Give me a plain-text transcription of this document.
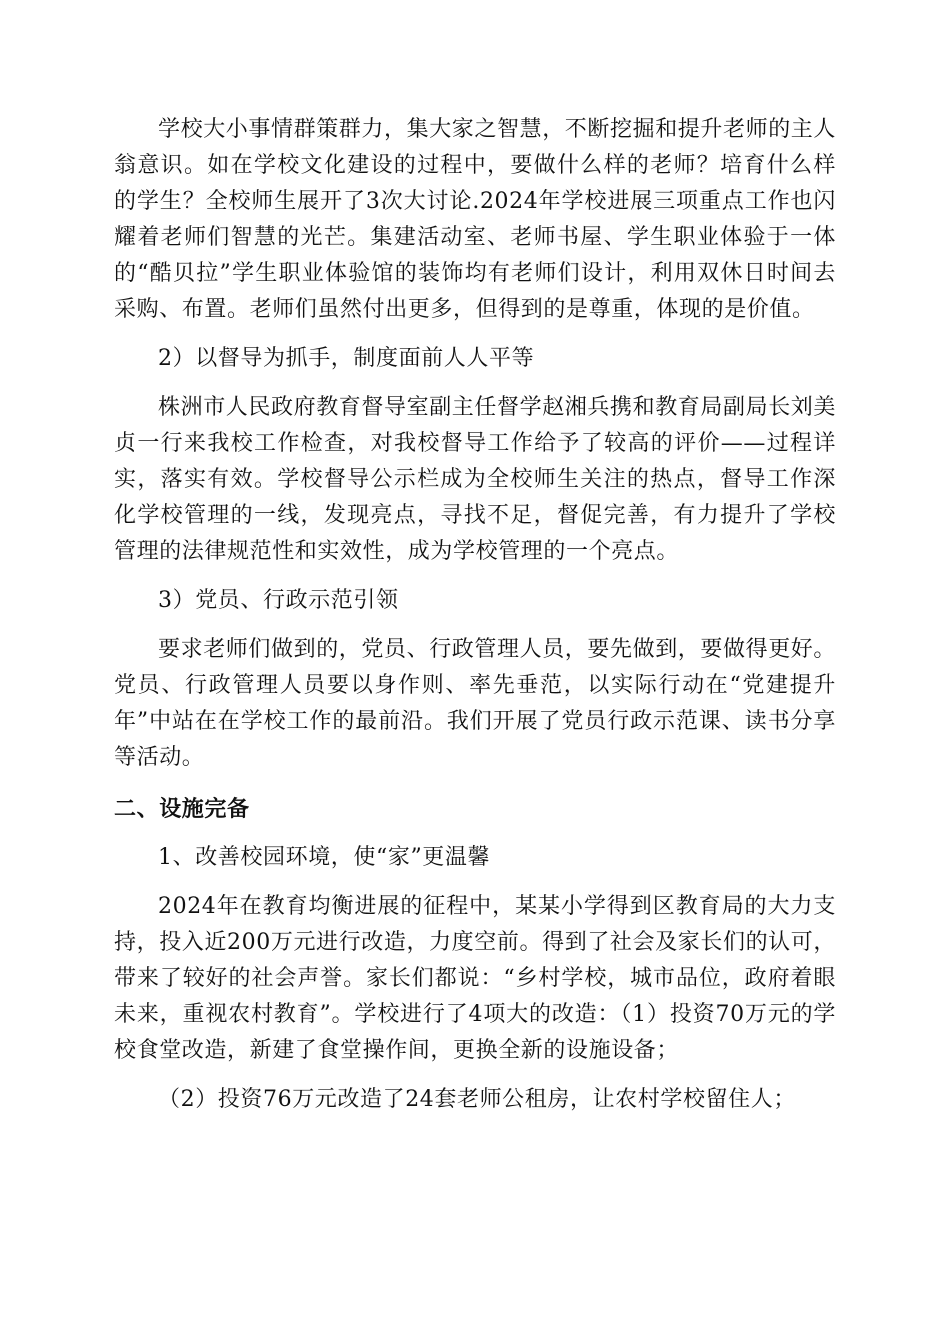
学校大小事情群策群力，集大家之智慧，不断挖掘和提升老师的主人翁意识。如在学校文化建设的过程中，要做什么样的老师？培育什么样的学生？全校师生展开了3次大讨论.2024年学校进展三项重点工作也闪耀着老师们智慧的光芒。集建活动室、老师书屋、学生职业体验于一体的“酷贝拉”学生职业体验馆的装饰均有老师们设计，利用双休日时间去采购、布置。老师们虽然付出更多，但得到的是尊重，体现的是价值。

2）以督导为抓手，制度面前人人平等

株洲市人民政府教育督导室副主任督学赵湘兵携和教育局副局长刘美贞一行来我校工作检查，对我校督导工作给予了较高的评价——过程详实，落实有效。学校督导公示栏成为全校师生关注的热点，督导工作深化学校管理的一线，发现亮点，寻找不足，督促完善，有力提升了学校管理的法律规范性和实效性，成为学校管理的一个亮点。

3）党员、行政示范引领

要求老师们做到的，党员、行政管理人员，要先做到，要做得更好。党员、行政管理人员要以身作则、率先垂范，以实际行动在“党建提升年”中站在在学校工作的最前沿。我们开展了党员行政示范课、读书分享等活动。

二、设施完备

1、改善校园环境，使“家”更温馨

2024年在教育均衡进展的征程中，某某小学得到区教育局的大力支持，投入近200万元进行改造，力度空前。得到了社会及家长们的认可，带来了较好的社会声誉。家长们都说：“乡村学校，城市品位，政府着眼未来，重视农村教育”。学校进行了4项大的改造：（1）投资70万元的学校食堂改造，新建了食堂操作间，更换全新的设施设备；

（2）投资76万元改造了24套老师公租房，让农村学校留住人；
